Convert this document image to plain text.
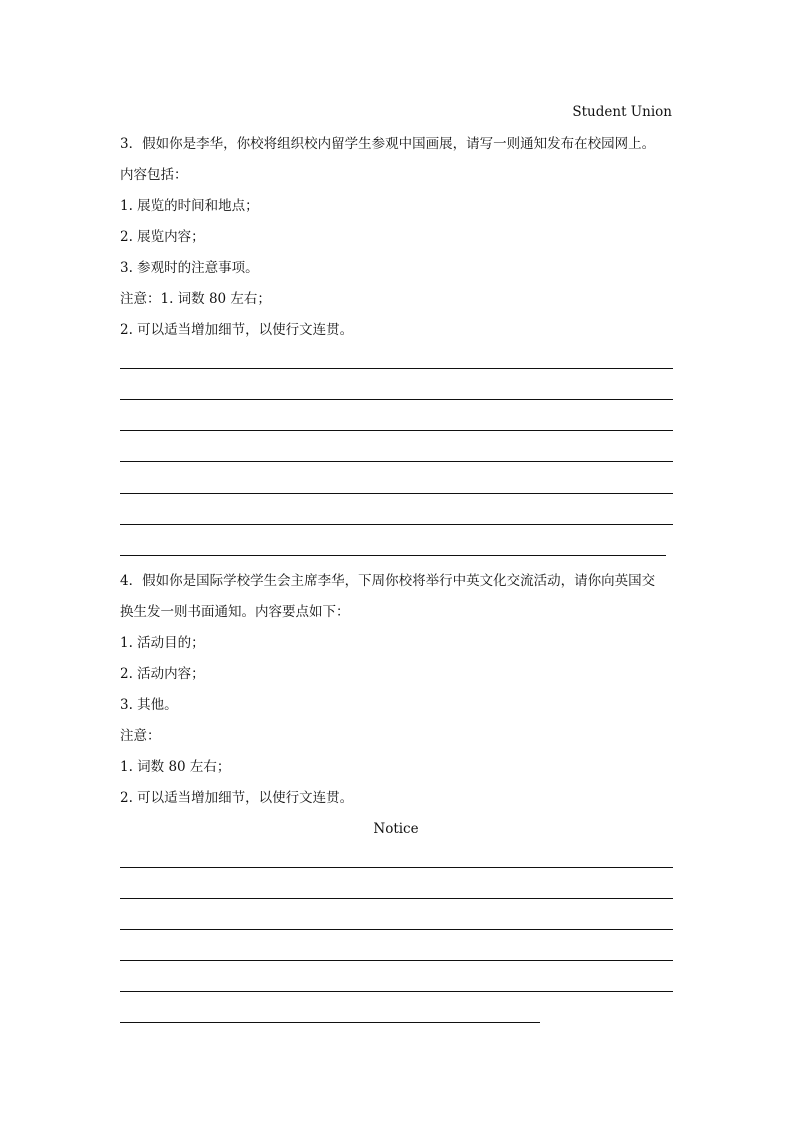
Student Union
3．假如你是李华，你校将组织校内留学生参观中国画展，请写一则通知发布在校园网上。
内容包括：
1. 展览的时间和地点；
2. 展览内容；
3. 参观时的注意事项。
注意：1. 词数 80 左右；
2. 可以适当增加细节，以使行文连贯。
4．假如你是国际学校学生会主席李华，下周你校将举行中英文化交流活动，请你向英国交
换生发一则书面通知。内容要点如下：
1. 活动目的；
2. 活动内容；
3. 其他。
注意：
1. 词数 80 左右；
2. 可以适当增加细节，以使行文连贯。
Notice
